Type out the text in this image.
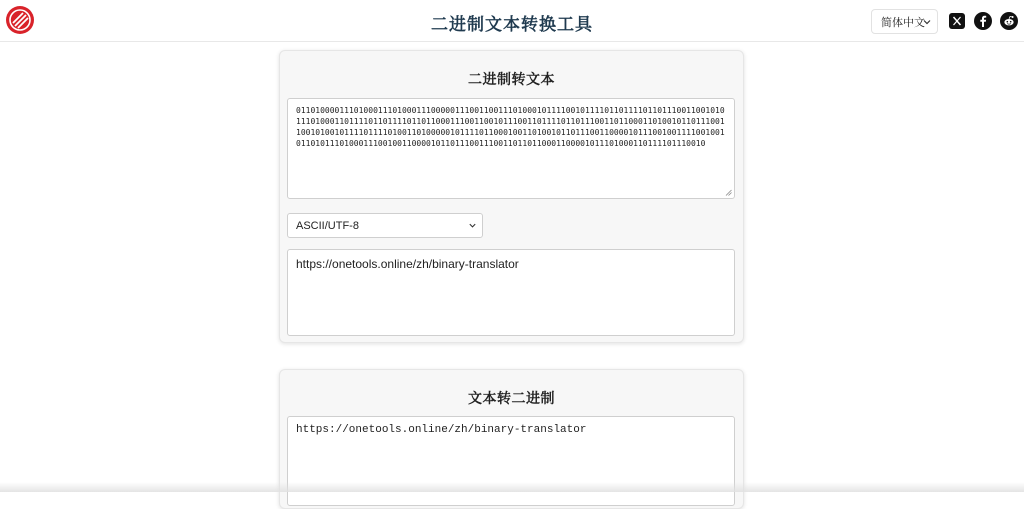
二进制文本转换工具	简体中文
二进制转文本
0110100001110100011101000111000001110011001110100010111100101111011011110110111001100101011101000110111101101111011011000111001100101110011011110110111001101100011010010110111001100101001011110111101001101000001011110110001001101001011011100110000101110010011110010010110101110100011100100110000101101110011100110110110001100001011101000110111101110010
ASCII/UTF-8
https://onetools.online/zh/binary-translator
文本转二进制
https://onetools.online/zh/binary-translator
